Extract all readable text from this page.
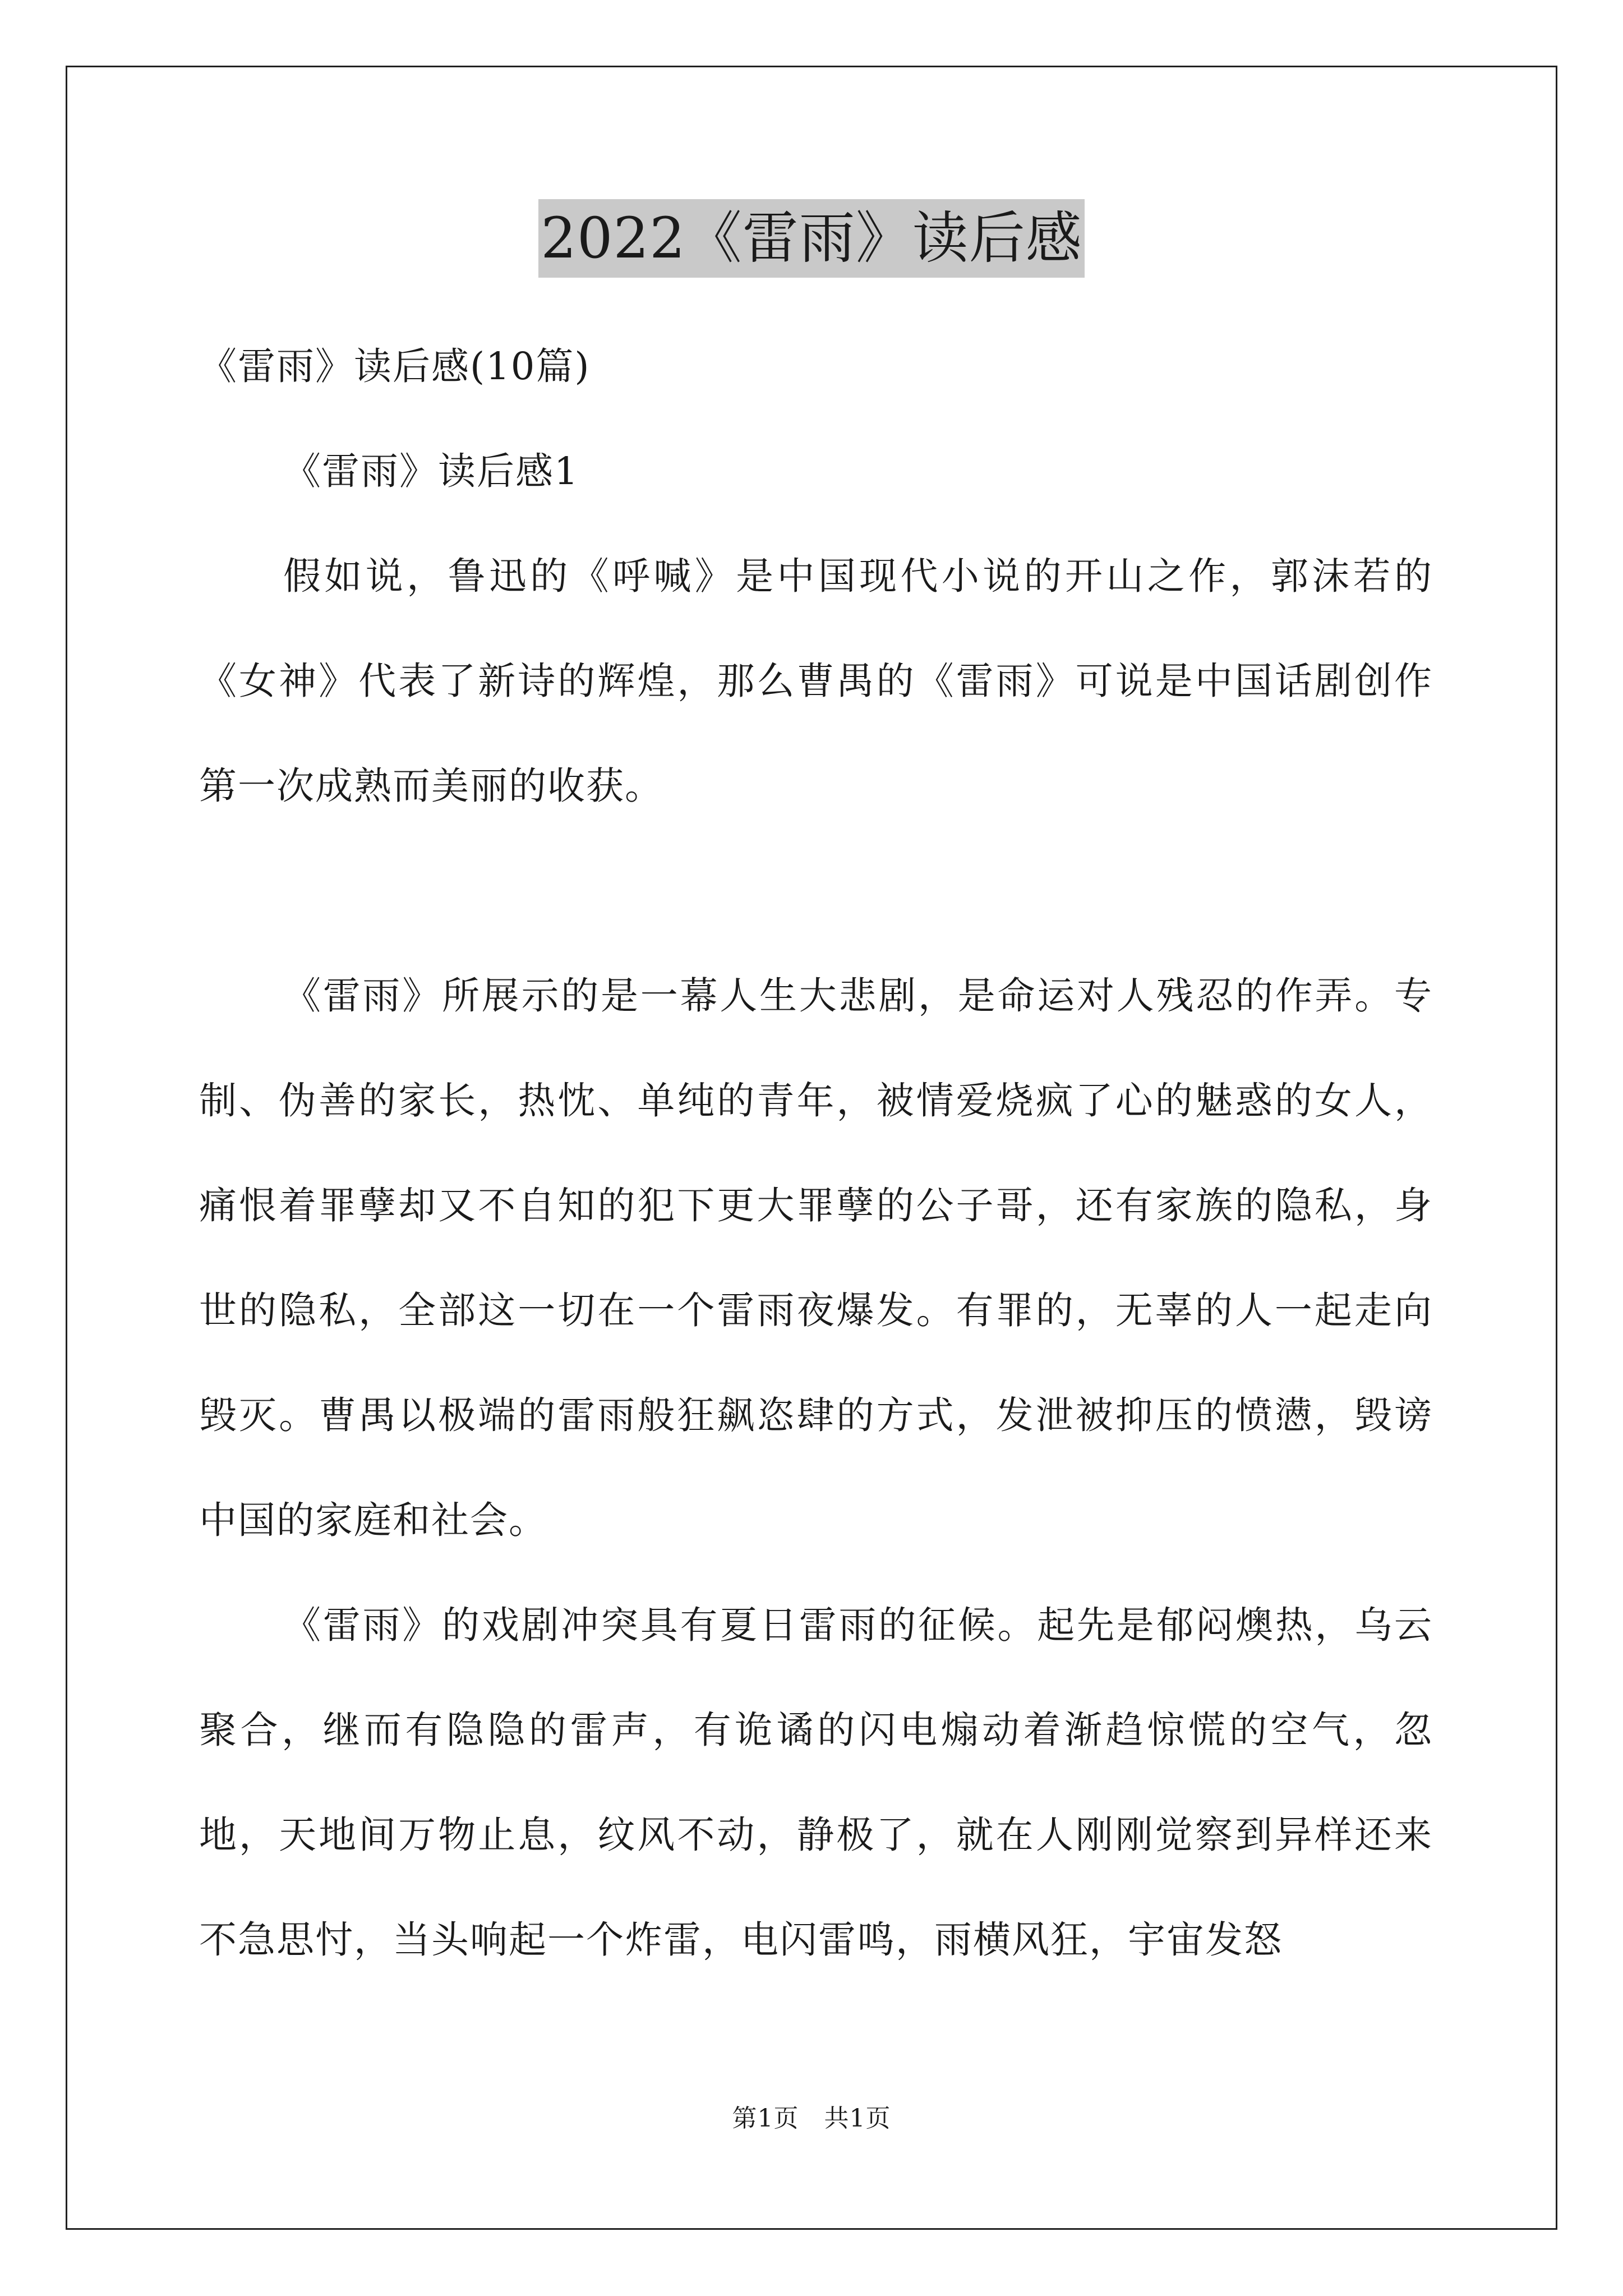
2022《雷雨》读后感

《雷雨》读后感(10篇)

《雷雨》读后感1

假如说，鲁迅的《呼喊》是中国现代小说的开山之作，郭沫若的《女神》代表了新诗的辉煌，那么曹禺的《雷雨》可说是中国话剧创作第一次成熟而美丽的收获。

《雷雨》所展示的是一幕人生大悲剧，是命运对人残忍的作弄。专制、伪善的家长，热忱、单纯的青年，被情爱烧疯了心的魅惑的女人，痛恨着罪孽却又不自知的犯下更大罪孽的公子哥，还有家族的隐私，身世的隐私，全部这一切在一个雷雨夜爆发。有罪的，无辜的人一起走向毁灭。曹禺以极端的雷雨般狂飙恣肆的方式，发泄被抑压的愤懑，毁谤中国的家庭和社会。

《雷雨》的戏剧冲突具有夏日雷雨的征候。起先是郁闷燠热，乌云聚合，继而有隐隐的雷声，有诡谲的闪电煽动着渐趋惊慌的空气，忽地，天地间万物止息，纹风不动，静极了，就在人刚刚觉察到异样还来不急思忖，当头响起一个炸雷，电闪雷鸣，雨横风狂，宇宙发怒

第1页　共1页
